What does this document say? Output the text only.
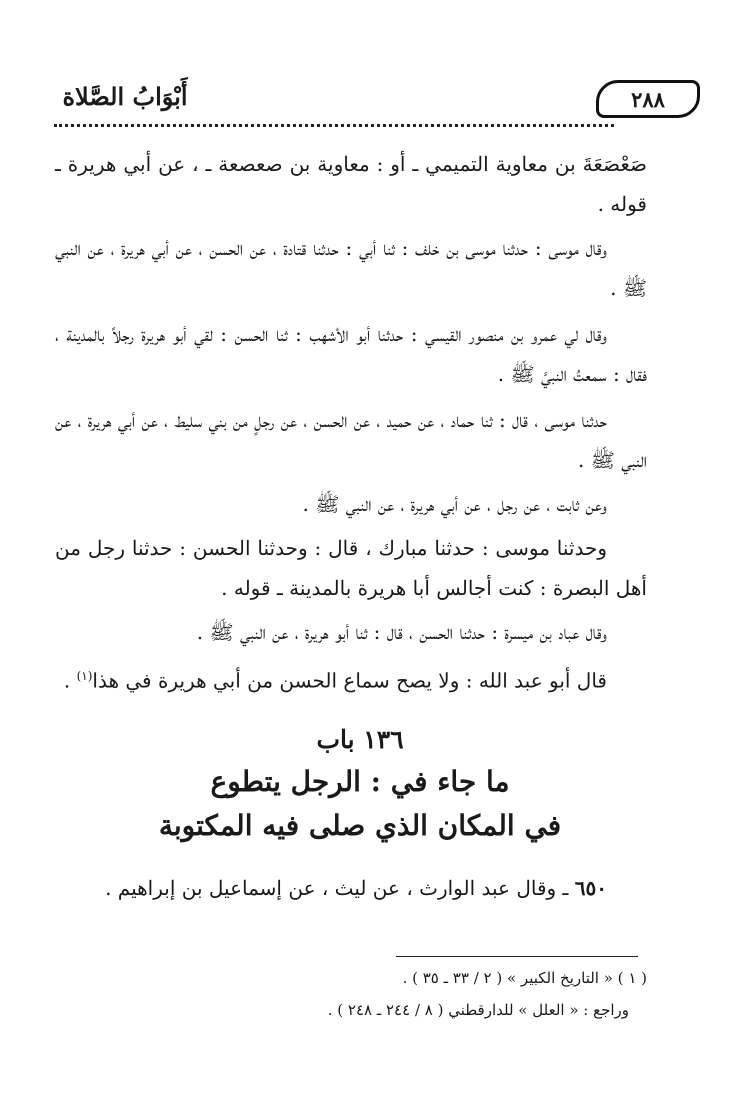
أَبْوَابُ الصَّلاة	٢٨٨

صَعْصَعَةَ بن معاوية التميمي ـ أو : معاوية بن صعصعة ـ ، عن أبي هريرة ـ قوله .

وقال موسى : حدثنا موسى بن خلف : ثنا أبي : حدثنا قتادة ، عن الحسن ، عن أبي هريرة ، عن النبي ﷺ .

وقال لي عمرو بن منصور القيسي : حدثنا أبو الأشهب : ثنا الحسن : لقي أبو هريرة رجلاً بالمدينة ، فقال : سمعتُ النبيَّ ﷺ .

حدثنا موسى ، قال : ثنا حماد ، عن حميد ، عن الحسن ، عن رجلٍ من بني سليط ، عن أبي هريرة ، عن النبي ﷺ .

وعن ثابت ، عن رجل ، عن أبي هريرة ، عن النبي ﷺ .

وحدثنا موسى : حدثنا مبارك ، قال : وحدثنا الحسن : حدثنا رجل من أهل البصرة : كنت أجالس أبا هريرة بالمدينة ـ قوله .

وقال عباد بن ميسرة : حدثنا الحسن ، قال : ثنا أبو هريرة ، عن النبي ﷺ .

قال أبو عبد الله : ولا يصح سماع الحسن من أبي هريرة في هذا$^{(١)}$ .

١٣٦ باب
ما جاء في : الرجل يتطوع
في المكان الذي صلى فيه المكتوبة

٦٥٠ ـ وقال عبد الوارث ، عن ليث ، عن إسماعيل بن إبراهيم .

( ١ ) « التاريخ الكبير » ( ٢ / ٣٣ ـ ٣٥ ) .

وراجع : « العلل » للدارقطني ( ٨ / ٢٤٤ ـ ٢٤٨ ) .
